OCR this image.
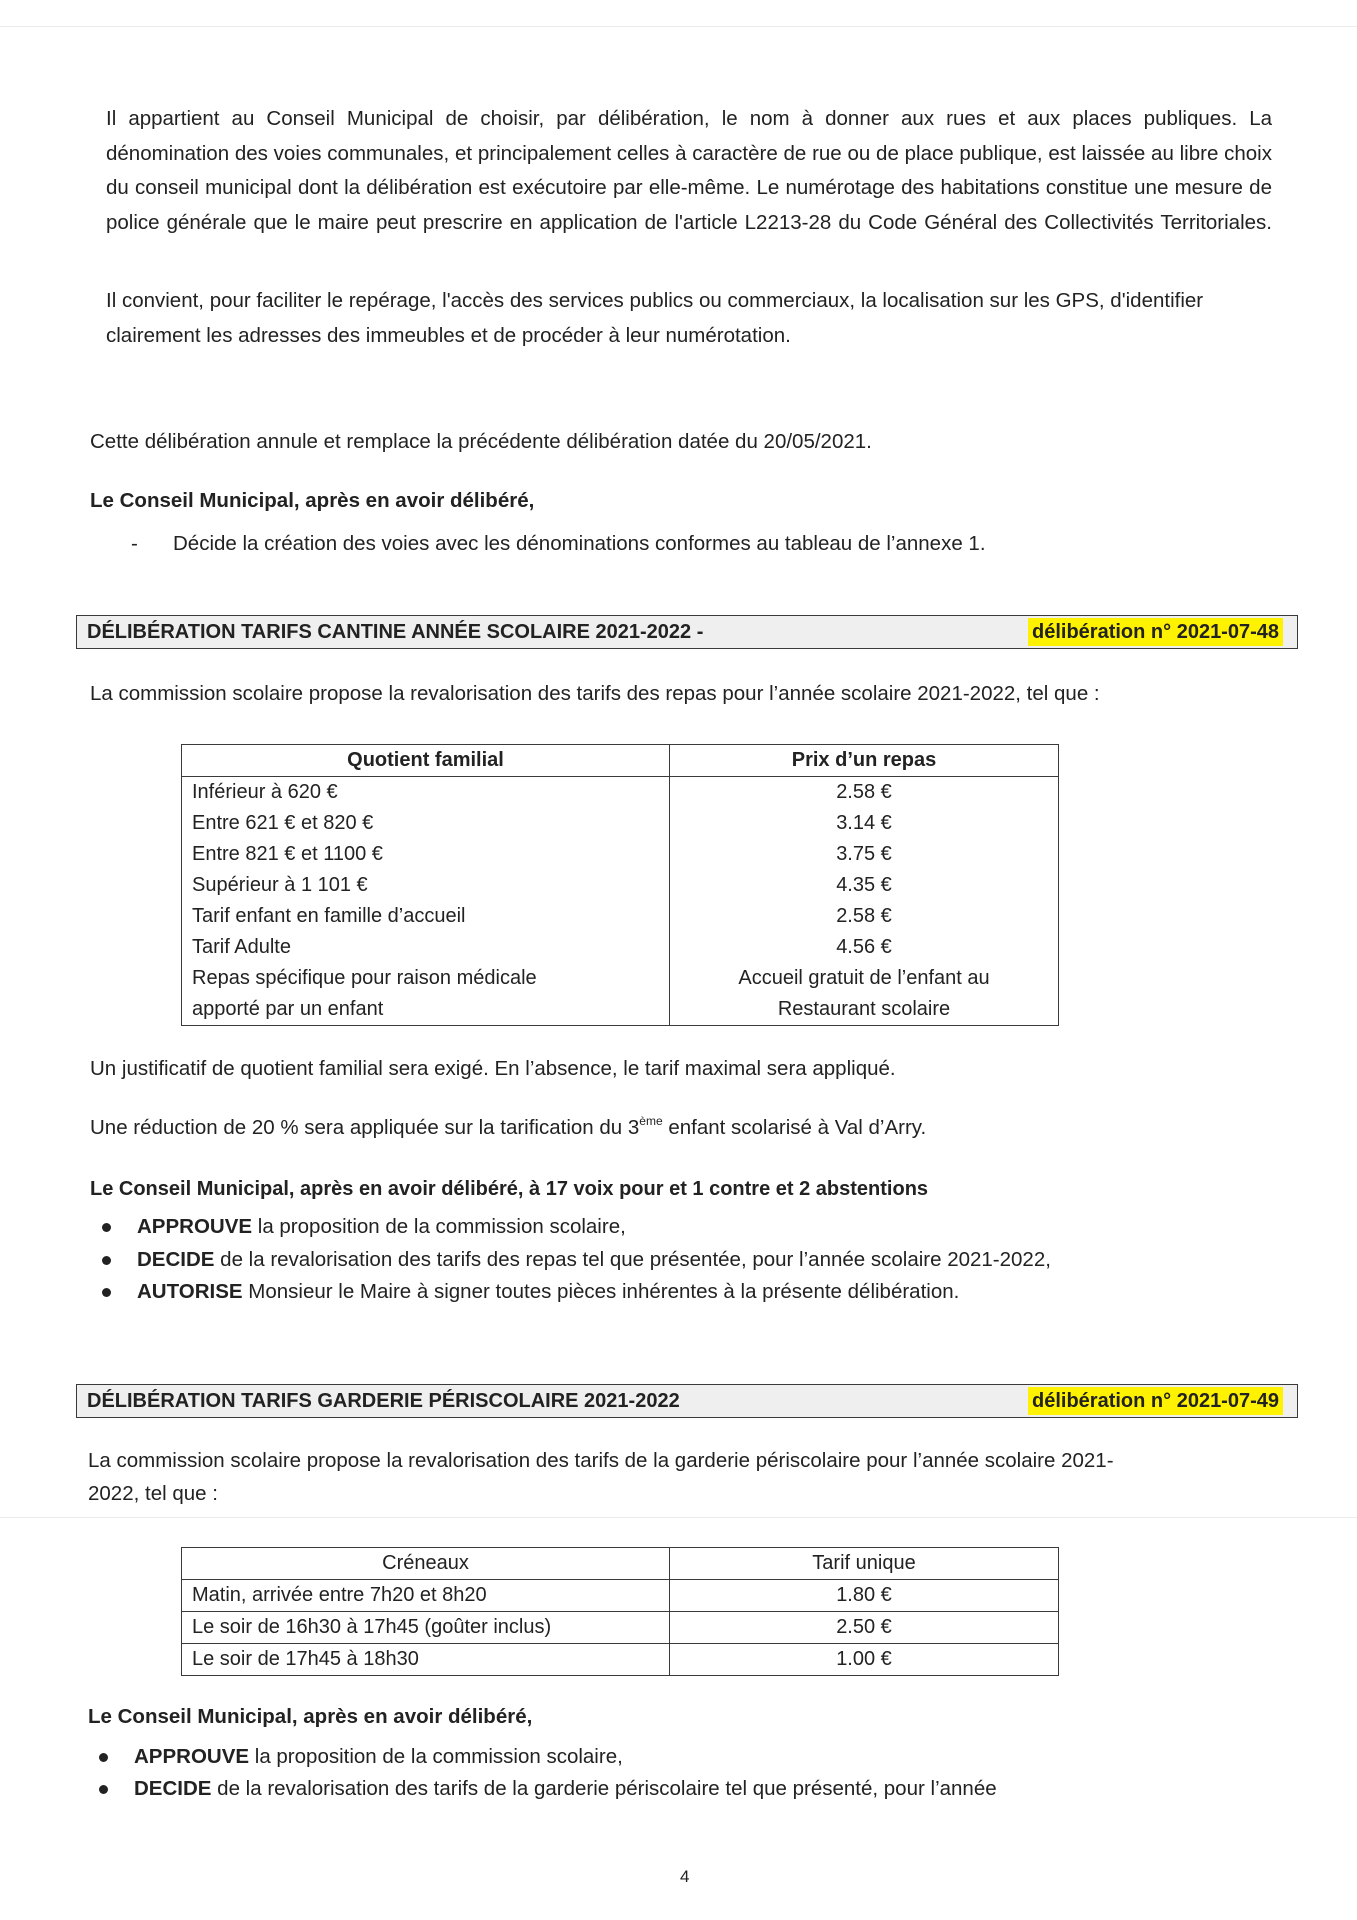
Il appartient au Conseil Municipal de choisir, par délibération, le nom à donner aux rues et aux places publiques. La dénomination des voies communales, et principalement celles à caractère de rue ou de place publique, est laissée au libre choix du conseil municipal dont la délibération est exécutoire par elle-même. Le numérotage des habitations constitue une mesure de police générale que le maire peut prescrire en application de l'article L2213-28 du Code Général des Collectivités Territoriales.

Il convient, pour faciliter le repérage, l'accès des services publics ou commerciaux, la localisation sur les GPS, d'identifier clairement les adresses des immeubles et de procéder à leur numérotation.

Cette délibération annule et remplace la précédente délibération datée du 20/05/2021.
Le Conseil Municipal, après en avoir délibéré,
- Décide la création des voies avec les dénominations conformes au tableau de l’annexe 1.
DÉLIBÉRATION TARIFS CANTINE ANNÉE SCOLAIRE 2021-2022 -	délibération n° 2021-07-48
La commission scolaire propose la revalorisation des tarifs des repas pour l’année scolaire 2021-2022, tel que :
Quotient familial	Prix d’un repas
Inférieur à 620 €	2.58 €
Entre 621 € et 820 €	3.14 €
Entre 821 € et 1100 €	3.75 €
Supérieur à 1 101 €	4.35 €
Tarif enfant en famille d’accueil	2.58 €
Tarif Adulte	4.56 €
Repas spécifique pour raison médicale	Accueil gratuit de l’enfant au
apporté par un enfant	Restaurant scolaire
Un justificatif de quotient familial sera exigé. En l’absence, le tarif maximal sera appliqué.
Une réduction de 20 % sera appliquée sur la tarification du 3ème enfant scolarisé à Val d’Arry.
Le Conseil Municipal, après en avoir délibéré, à 17 voix pour et 1 contre et 2 abstentions
APPROUVE la proposition de la commission scolaire,
DECIDE de la revalorisation des tarifs des repas tel que présentée, pour l’année scolaire 2021-2022,
AUTORISE Monsieur le Maire à signer toutes pièces inhérentes à la présente délibération.
DÉLIBÉRATION TARIFS GARDERIE PÉRISCOLAIRE 2021-2022	délibération n° 2021-07-49
La commission scolaire propose la revalorisation des tarifs de la garderie périscolaire pour l’année scolaire 2021-
2022, tel que :
Créneaux	Tarif unique
Matin, arrivée entre 7h20 et 8h20	1.80 €
Le soir de 16h30 à 17h45 (goûter inclus)	2.50 €
Le soir de 17h45 à 18h30	1.00 €
Le Conseil Municipal, après en avoir délibéré,
APPROUVE la proposition de la commission scolaire,
DECIDE de la revalorisation des tarifs de la garderie périscolaire tel que présenté, pour l’année
4
